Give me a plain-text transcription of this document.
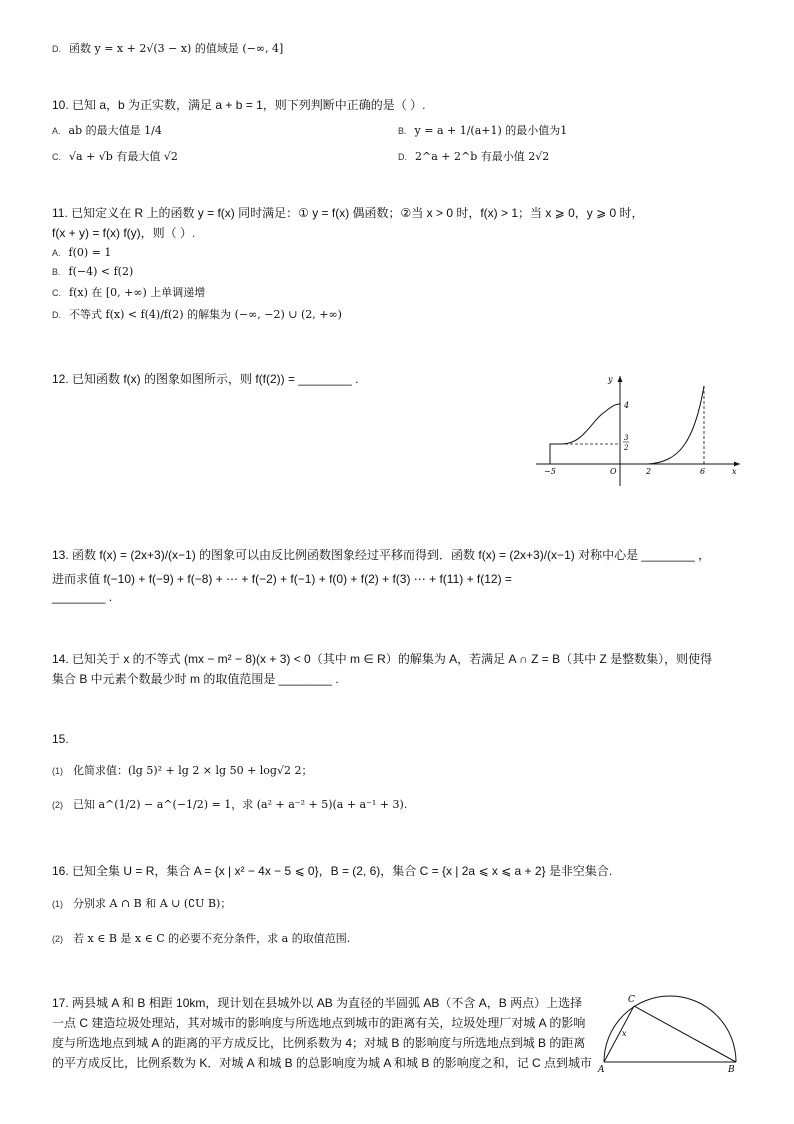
D. 函数 y = x + 2√(3 − x) 的值域是 (−∞, 4]
10. 已知 a，b 为正实数，满足 a + b = 1，则下列判断中正确的是（ ）.
A. ab 的最大值是 1/4	B. y = a + 1/(a+1) 的最小值为1
C. √a + √b 有最大值 √2	D. 2^a + 2^b 有最小值 2√2
11. 已知定义在 R 上的函数 y = f(x) 同时满足：① y = f(x) 偶函数；②当 x > 0 时，f(x) > 1；当 x ⩾ 0，y ⩾ 0 时，
f(x + y) = f(x) f(y)，则（ ）.
A. f(0) = 1
B. f(−4) < f(2)
C. f(x) 在 [0, +∞) 上单调递增
D. 不等式 f(x) < f(4)/f(2) 的解集为 (−∞, −2) ∪ (2, +∞)
12. 已知函数 f(x) 的图象如图所示，则 f(f(2)) = ________ .	y
x
O
−5	2	6
4
3
2
13. 函数 f(x) = (2x+3)/(x−1) 的图象可以由反比例函数图象经过平移而得到．函数 f(x) = (2x+3)/(x−1) 对称中心是 ________ ，
进而求值 f(−10) + f(−9) + f(−8) + ⋯ + f(−2) + f(−1) + f(0) + f(2) + f(3) ⋯ + f(11) + f(12) =
________ .
14. 已知关于 x 的不等式 (mx − m² − 8)(x + 3) < 0（其中 m ∈ R）的解集为 A，若满足 A ∩ Z = B（其中 Z 是整数集），则使得
集合 B 中元素个数最少时 m 的取值范围是 ________ .
15.
(1) 化简求值：(lg 5)² + lg 2 × lg 50 + log√2 2；
(2) 已知 a^(1/2) − a^(−1/2) = 1，求 (a² + a⁻² + 5)(a + a⁻¹ + 3).
16. 已知全集 U = R，集合 A = {x | x² − 4x − 5 ⩽ 0}，B = (2, 6)，集合 C = {x | 2a ⩽ x ⩽ a + 2} 是非空集合.
(1) 分别求 A ∩ B 和 A ∪ (∁U B)；
(2) 若 x ∈ B 是 x ∈ C 的必要不充分条件，求 a 的取值范围.
17. 两县城 A 和 B 相距 10km，现计划在县城外以 AB 为直径的半圆弧 AB（不含 A，B 两点）上选择
一点 C 建造垃圾处理站，其对城市的影响度与所选地点到城市的距离有关，垃圾处理厂对城 A 的影响
度与所选地点到城 A 的距离的平方成反比，比例系数为 4；对城 B 的影响度与所选地点到城 B 的距离
的平方成反比，比例系数为 K．对城 A 和城 B 的总影响度为城 A 和城 B 的影响度之和，记 C 点到城市 A	B
C
x
